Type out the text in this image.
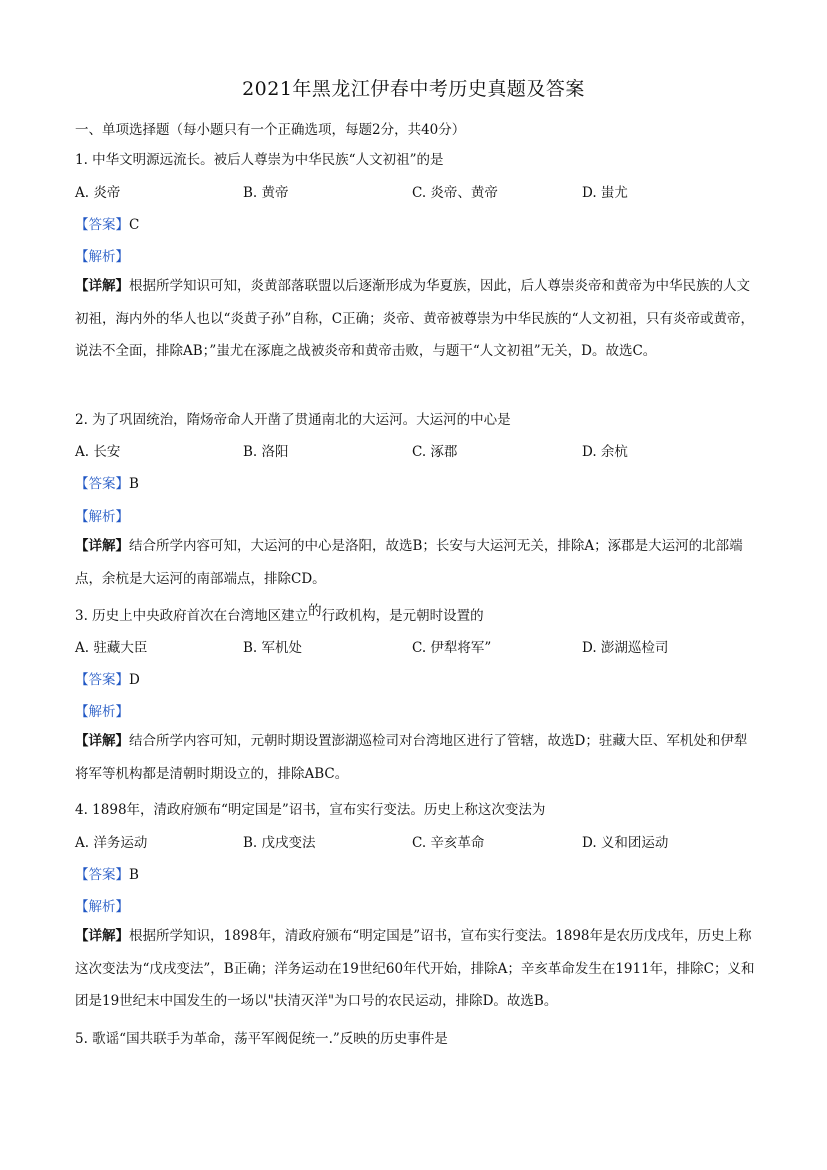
2021年黑龙江伊春中考历史真题及答案
一、单项选择题（每小题只有一个正确选项，每题2分，共40分）
1. 中华文明源远流长。被后人尊崇为中华民族“人文初祖”的是
A. 炎帝	B. 黄帝	C. 炎帝、黄帝	D. 蚩尤
【答案】C
【解析】
【详解】根据所学知识可知，炎黄部落联盟以后逐渐形成为华夏族，因此，后人尊崇炎帝和黄帝为中华民族的人文初祖，海内外的华人也以“炎黄子孙”自称，C正确；炎帝、黄帝被尊崇为中华民族的“人文初祖，只有炎帝或黄帝，说法不全面，排除AB；”蚩尤在涿鹿之战被炎帝和黄帝击败，与题干“人文初祖”无关，D。故选C。
2. 为了巩固统治，隋炀帝命人开凿了贯通南北的大运河。大运河的中心是
A. 长安	B. 洛阳	C. 涿郡	D. 余杭
【答案】B
【解析】
【详解】结合所学内容可知，大运河的中心是洛阳，故选B；长安与大运河无关，排除A；涿郡是大运河的北部端点，余杭是大运河的南部端点，排除CD。
3. 历史上中央政府首次在台湾地区建立的行政机构，是元朝时设置的
A. 驻藏大臣	B. 军机处	C. 伊犁将军”	D. 澎湖巡检司
【答案】D
【解析】
【详解】结合所学内容可知，元朝时期设置澎湖巡检司对台湾地区进行了管辖，故选D；驻藏大臣、军机处和伊犁将军等机构都是清朝时期设立的，排除ABC。
4. 1898年，清政府颁布“明定国是”诏书，宣布实行变法。历史上称这次变法为
A. 洋务运动	B. 戊戌变法	C. 辛亥革命	D. 义和团运动
【答案】B
【解析】
【详解】根据所学知识，1898年，清政府颁布“明定国是”诏书，宣布实行变法。1898年是农历戊戌年，历史上称这次变法为“戊戌变法”，B正确；洋务运动在19世纪60年代开始，排除A；辛亥革命发生在1911年，排除C；义和团是19世纪末中国发生的一场以"扶清灭洋"为口号的农民运动，排除D。故选B。
5. 歌谣“国共联手为革命，荡平军阀促统一.”反映的历史事件是
